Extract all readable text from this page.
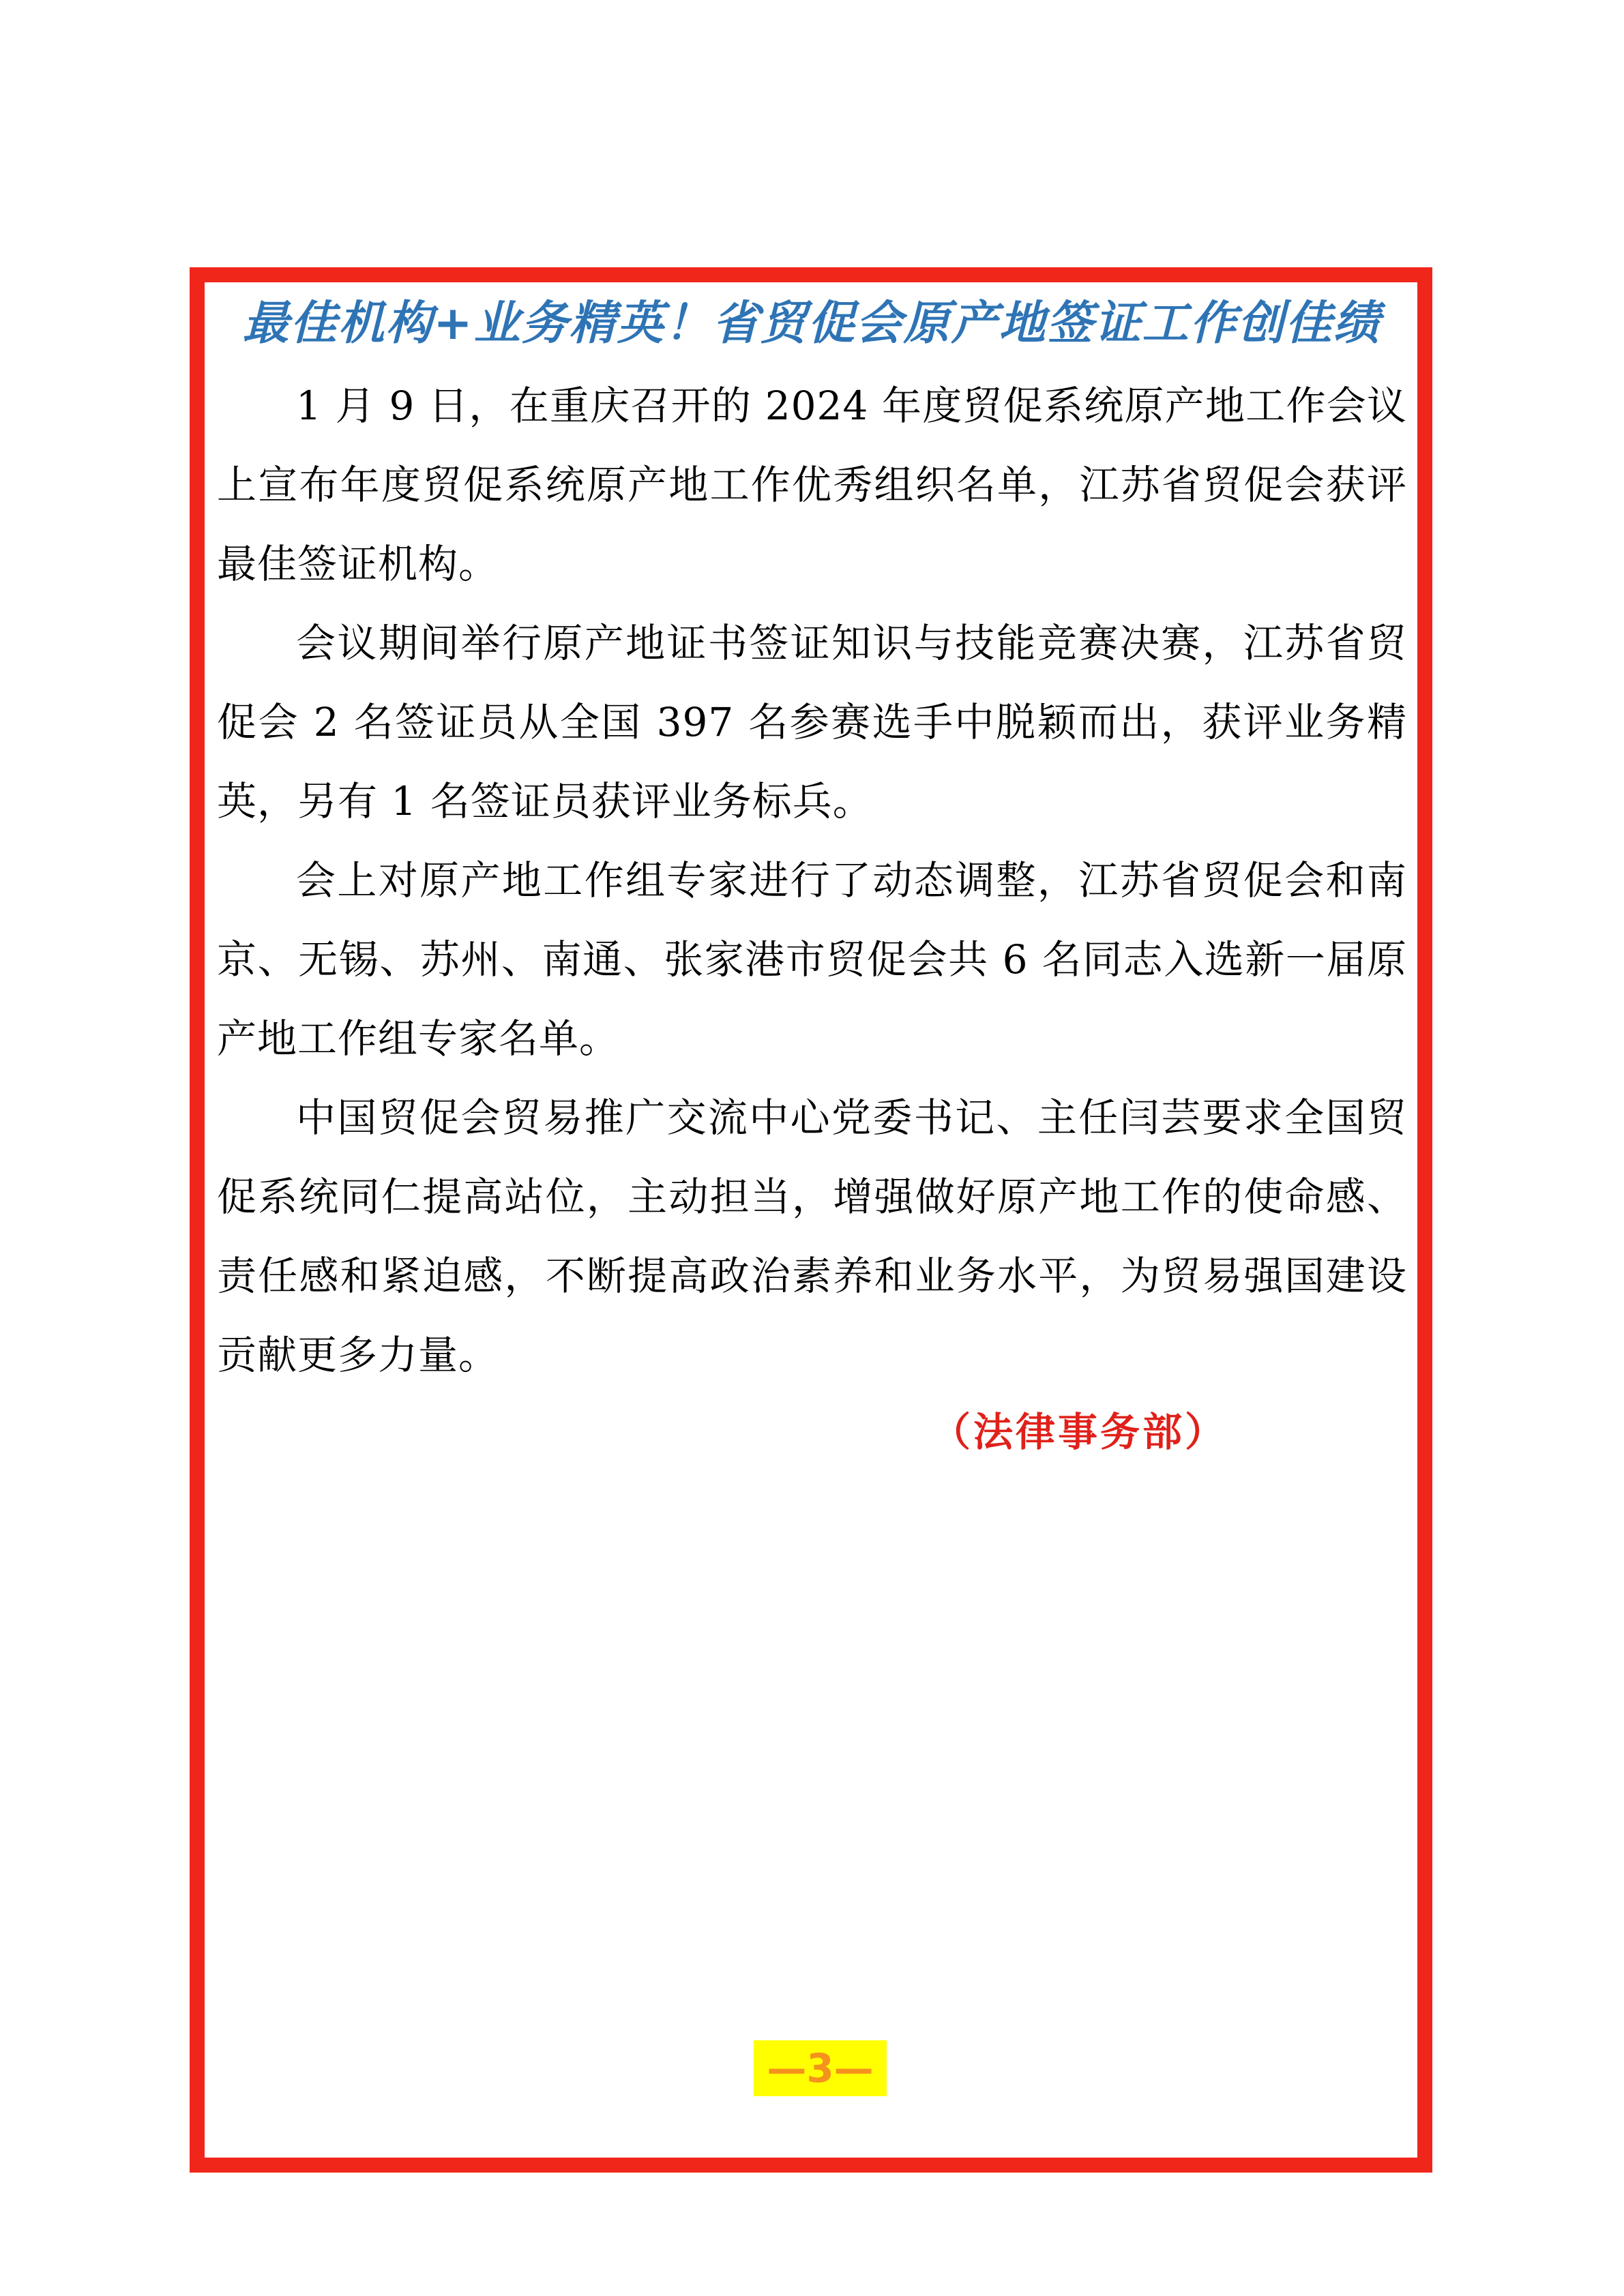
最佳机构+业务精英！省贸促会原产地签证工作创佳绩

1 月 9 日，在重庆召开的 2024 年度贸促系统原产地工作会议上宣布年度贸促系统原产地工作优秀组织名单，江苏省贸促会获评最佳签证机构。

会议期间举行原产地证书签证知识与技能竞赛决赛，江苏省贸促会 2 名签证员从全国 397 名参赛选手中脱颖而出，获评业务精英，另有 1 名签证员获评业务标兵。

会上对原产地工作组专家进行了动态调整，江苏省贸促会和南京、无锡、苏州、南通、张家港市贸促会共 6 名同志入选新一届原产地工作组专家名单。

中国贸促会贸易推广交流中心党委书记、主任闫芸要求全国贸促系统同仁提高站位，主动担当，增强做好原产地工作的使命感、责任感和紧迫感，不断提高政治素养和业务水平，为贸易强国建设贡献更多力量。

（法律事务部）
—3—
